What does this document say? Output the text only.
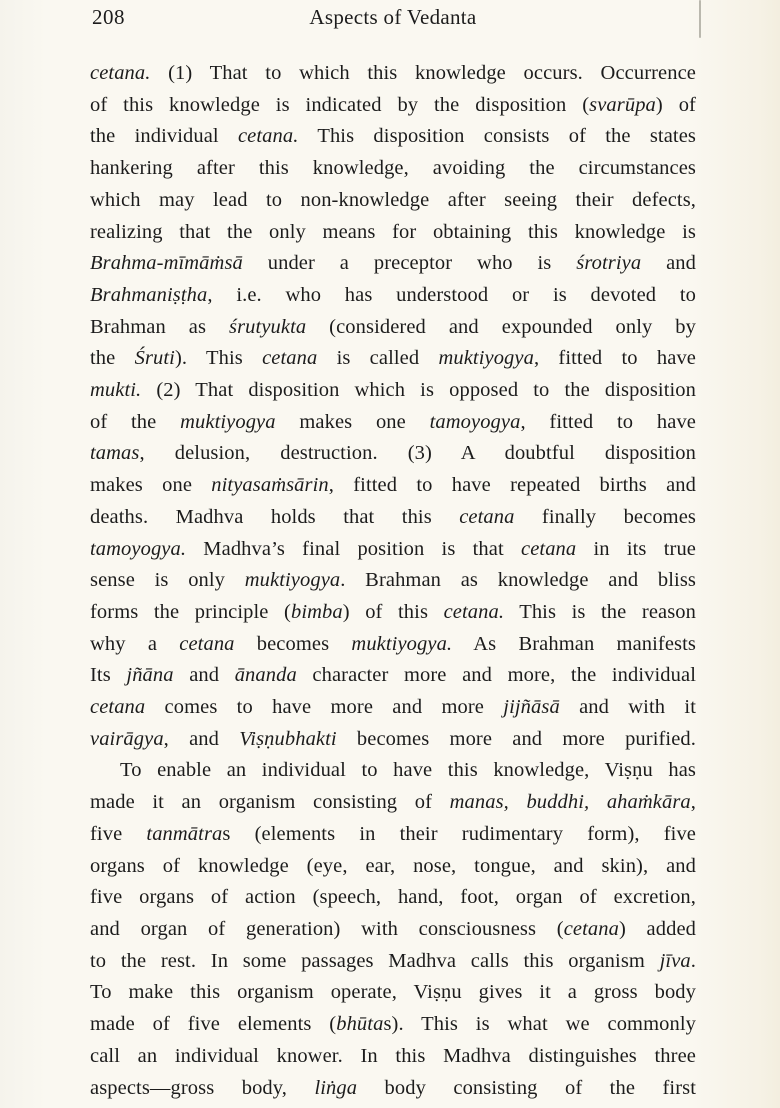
208	Aspects of Vedanta
cetana. (1) That to which this knowledge occurs. Occurrence
of this knowledge is indicated by the disposition (svarūpa) of
the individual cetana. This disposition consists of the states
hankering after this knowledge, avoiding the circumstances
which may lead to non-knowledge after seeing their defects,
realizing that the only means for obtaining this knowledge is
Brahma-mīmāṁsā under a preceptor who is śrotriya and
Brahmaniṣṭha, i.e. who has understood or is devoted to
Brahman as śrutyukta (considered and expounded only by
the Śruti). This cetana is called muktiyogya, fitted to have
mukti. (2) That disposition which is opposed to the disposition
of the muktiyogya makes one tamoyogya, fitted to have
tamas, delusion, destruction. (3) A doubtful disposition
makes one nityasaṁsārin, fitted to have repeated births and
deaths. Madhva holds that this cetana finally becomes
tamoyogya. Madhva’s final position is that cetana in its true
sense is only muktiyogya. Brahman as knowledge and bliss
forms the principle (bimba) of this cetana. This is the reason
why a cetana becomes muktiyogya. As Brahman manifests
Its jñāna and ānanda character more and more, the individual
cetana comes to have more and more jijñāsā and with it
vairāgya, and Viṣṇubhakti becomes more and more purified.
To enable an individual to have this knowledge, Viṣṇu has
made it an organism consisting of manas, buddhi, ahaṁkāra,
five tanmātras (elements in their rudimentary form), five
organs of knowledge (eye, ear, nose, tongue, and skin), and
five organs of action (speech, hand, foot, organ of excretion,
and organ of generation) with consciousness (cetana) added
to the rest. In some passages Madhva calls this organism jīva.
To make this organism operate, Viṣṇu gives it a gross body
made of five elements (bhūtas). This is what we commonly
call an individual knower. In this Madhva distinguishes three
aspects—gross body, liṅga body consisting of the first
